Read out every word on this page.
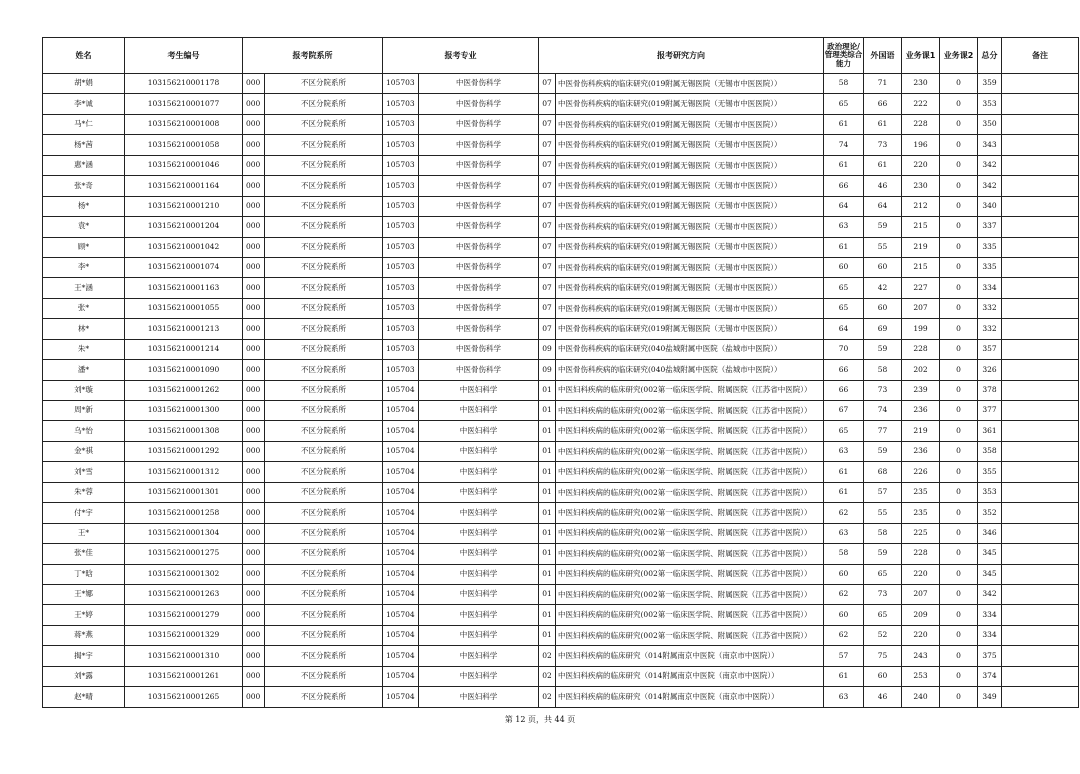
姓名	考生编号	报考院系所		报考专业		报考研究方向		政治理论/管理类综合能力	外国语	业务课1	业务课2	总分	备注
胡*娟	103156210001178	000	不区分院系所	105703	中医骨伤科学	07	中医骨伤科疾病的临床研究(019附属无锡医院（无锡市中医医院））	58	71	230	0	359	
李*诚	103156210001077	000	不区分院系所	105703	中医骨伤科学	07	中医骨伤科疾病的临床研究(019附属无锡医院（无锡市中医医院））	65	66	222	0	353	
马*仁	103156210001008	000	不区分院系所	105703	中医骨伤科学	07	中医骨伤科疾病的临床研究(019附属无锡医院（无锡市中医医院））	61	61	228	0	350	
杨*茜	103156210001058	000	不区分院系所	105703	中医骨伤科学	07	中医骨伤科疾病的临床研究(019附属无锡医院（无锡市中医医院））	74	73	196	0	343	
惠*涵	103156210001046	000	不区分院系所	105703	中医骨伤科学	07	中医骨伤科疾病的临床研究(019附属无锡医院（无锡市中医医院））	61	61	220	0	342	
张*奇	103156210001164	000	不区分院系所	105703	中医骨伤科学	07	中医骨伤科疾病的临床研究(019附属无锡医院（无锡市中医医院））	66	46	230	0	342	
杨*	103156210001210	000	不区分院系所	105703	中医骨伤科学	07	中医骨伤科疾病的临床研究(019附属无锡医院（无锡市中医医院））	64	64	212	0	340	
袁*	103156210001204	000	不区分院系所	105703	中医骨伤科学	07	中医骨伤科疾病的临床研究(019附属无锡医院（无锡市中医医院））	63	59	215	0	337	
顾*	103156210001042	000	不区分院系所	105703	中医骨伤科学	07	中医骨伤科疾病的临床研究(019附属无锡医院（无锡市中医医院））	61	55	219	0	335	
李*	103156210001074	000	不区分院系所	105703	中医骨伤科学	07	中医骨伤科疾病的临床研究(019附属无锡医院（无锡市中医医院））	60	60	215	0	335	
王*涵	103156210001163	000	不区分院系所	105703	中医骨伤科学	07	中医骨伤科疾病的临床研究(019附属无锡医院（无锡市中医医院））	65	42	227	0	334	
张*	103156210001055	000	不区分院系所	105703	中医骨伤科学	07	中医骨伤科疾病的临床研究(019附属无锡医院（无锡市中医医院））	65	60	207	0	332	
林*	103156210001213	000	不区分院系所	105703	中医骨伤科学	07	中医骨伤科疾病的临床研究(019附属无锡医院（无锡市中医医院））	64	69	199	0	332	
朱*	103156210001214	000	不区分院系所	105703	中医骨伤科学	09	中医骨伤科疾病的临床研究(040盐城附属中医院（盐城市中医院））	70	59	228	0	357	
潘*	103156210001090	000	不区分院系所	105703	中医骨伤科学	09	中医骨伤科疾病的临床研究(040盐城附属中医院（盐城市中医院））	66	58	202	0	326	
刘*璇	103156210001262	000	不区分院系所	105704	中医妇科学	01	中医妇科疾病的临床研究(002第一临床医学院、附属医院（江苏省中医院））	66	73	239	0	378	
周*新	103156210001300	000	不区分院系所	105704	中医妇科学	01	中医妇科疾病的临床研究(002第一临床医学院、附属医院（江苏省中医院））	67	74	236	0	377	
乌*怡	103156210001308	000	不区分院系所	105704	中医妇科学	01	中医妇科疾病的临床研究(002第一临床医学院、附属医院（江苏省中医院））	65	77	219	0	361	
金*祺	103156210001292	000	不区分院系所	105704	中医妇科学	01	中医妇科疾病的临床研究(002第一临床医学院、附属医院（江苏省中医院））	63	59	236	0	358	
刘*雪	103156210001312	000	不区分院系所	105704	中医妇科学	01	中医妇科疾病的临床研究(002第一临床医学院、附属医院（江苏省中医院））	61	68	226	0	355	
朱*蓉	103156210001301	000	不区分院系所	105704	中医妇科学	01	中医妇科疾病的临床研究(002第一临床医学院、附属医院（江苏省中医院））	61	57	235	0	353	
付*宇	103156210001258	000	不区分院系所	105704	中医妇科学	01	中医妇科疾病的临床研究(002第一临床医学院、附属医院（江苏省中医院））	62	55	235	0	352	
王*	103156210001304	000	不区分院系所	105704	中医妇科学	01	中医妇科疾病的临床研究(002第一临床医学院、附属医院（江苏省中医院））	63	58	225	0	346	
张*佳	103156210001275	000	不区分院系所	105704	中医妇科学	01	中医妇科疾病的临床研究(002第一临床医学院、附属医院（江苏省中医院））	58	59	228	0	345	
丁*晗	103156210001302	000	不区分院系所	105704	中医妇科学	01	中医妇科疾病的临床研究(002第一临床医学院、附属医院（江苏省中医院））	60	65	220	0	345	
王*娜	103156210001263	000	不区分院系所	105704	中医妇科学	01	中医妇科疾病的临床研究(002第一临床医学院、附属医院（江苏省中医院））	62	73	207	0	342	
王*婷	103156210001279	000	不区分院系所	105704	中医妇科学	01	中医妇科疾病的临床研究(002第一临床医学院、附属医院（江苏省中医院））	60	65	209	0	334	
蒋*燕	103156210001329	000	不区分院系所	105704	中医妇科学	01	中医妇科疾病的临床研究(002第一临床医学院、附属医院（江苏省中医院））	62	52	220	0	334	
揭*宇	103156210001310	000	不区分院系所	105704	中医妇科学	02	中医妇科疾病的临床研究（014附属南京中医院（南京市中医院））	57	75	243	0	375	
刘*露	103156210001261	000	不区分院系所	105704	中医妇科学	02	中医妇科疾病的临床研究（014附属南京中医院（南京市中医院））	61	60	253	0	374	
赵*晴	103156210001265	000	不区分院系所	105704	中医妇科学	02	中医妇科疾病的临床研究（014附属南京中医院（南京市中医院））	63	46	240	0	349	
第 12 页，共 44 页
